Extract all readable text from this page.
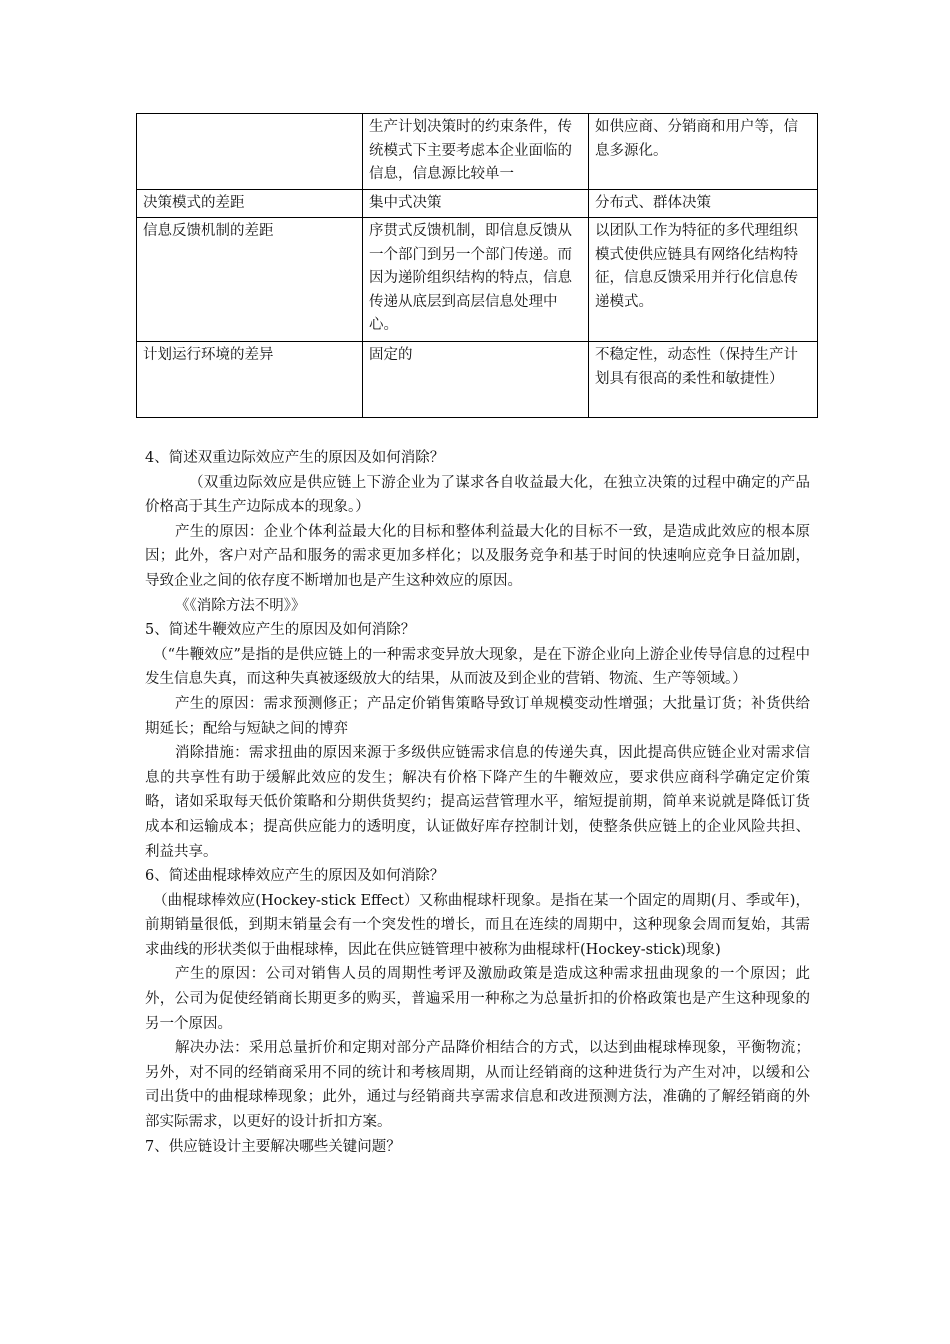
	生产计划决策时的约束条件，传统模式下主要考虑本企业面临的信息，信息源比较单一	如供应商、分销商和用户等，信息多源化。
决策模式的差距	集中式决策	分布式、群体决策
信息反馈机制的差距	序贯式反馈机制，即信息反馈从一个部门到另一个部门传递。而因为递阶组织结构的特点，信息传递从底层到高层信息处理中心。	以团队工作为特征的多代理组织模式使供应链具有网络化结构特征，信息反馈采用并行化信息传递模式。
计划运行环境的差异	固定的	不稳定性，动态性（保持生产计划具有很高的柔性和敏捷性）

4、简述双重边际效应产生的原因及如何消除？

（双重边际效应是供应链上下游企业为了谋求各自收益最大化，在独立决策的过程中确定的产品价格高于其生产边际成本的现象。）

产生的原因：企业个体利益最大化的目标和整体利益最大化的目标不一致，是造成此效应的根本原因；此外，客户对产品和服务的需求更加多样化；以及服务竞争和基于时间的快速响应竞争日益加剧，导致企业之间的依存度不断增加也是产生这种效应的原因。

《《消除方法不明》》

5、简述牛鞭效应产生的原因及如何消除？

（“牛鞭效应”是指的是供应链上的一种需求变异放大现象，是在下游企业向上游企业传导信息的过程中发生信息失真，而这种失真被逐级放大的结果，从而波及到企业的营销、物流、生产等领域。）

产生的原因：需求预测修正；产品定价销售策略导致订单规模变动性增强；大批量订货；补货供给期延长；配给与短缺之间的博弈

消除措施：需求扭曲的原因来源于多级供应链需求信息的传递失真，因此提高供应链企业对需求信息的共享性有助于缓解此效应的发生；解决有价格下降产生的牛鞭效应，要求供应商科学确定定价策略，诸如采取每天低价策略和分期供货契约；提高运营管理水平，缩短提前期，简单来说就是降低订货成本和运输成本；提高供应能力的透明度，认证做好库存控制计划，使整条供应链上的企业风险共担、利益共享。

6、简述曲棍球棒效应产生的原因及如何消除？

（曲棍球棒效应(Hockey-stick Effect）又称曲棍球杆现象。是指在某一个固定的周期(月、季或年)，前期销量很低，到期末销量会有一个突发性的增长，而且在连续的周期中，这种现象会周而复始，其需求曲线的形状类似于曲棍球棒，因此在供应链管理中被称为曲棍球杆(Hockey-stick)现象)

产生的原因：公司对销售人员的周期性考评及激励政策是造成这种需求扭曲现象的一个原因；此外，公司为促使经销商长期更多的购买，普遍采用一种称之为总量折扣的价格政策也是产生这种现象的另一个原因。

解决办法：采用总量折价和定期对部分产品降价相结合的方式，以达到曲棍球棒现象，平衡物流；另外，对不同的经销商采用不同的统计和考核周期，从而让经销商的这种进货行为产生对冲，以缓和公司出货中的曲棍球棒现象；此外，通过与经销商共享需求信息和改进预测方法，准确的了解经销商的外部实际需求，以更好的设计折扣方案。

7、供应链设计主要解决哪些关键问题？
